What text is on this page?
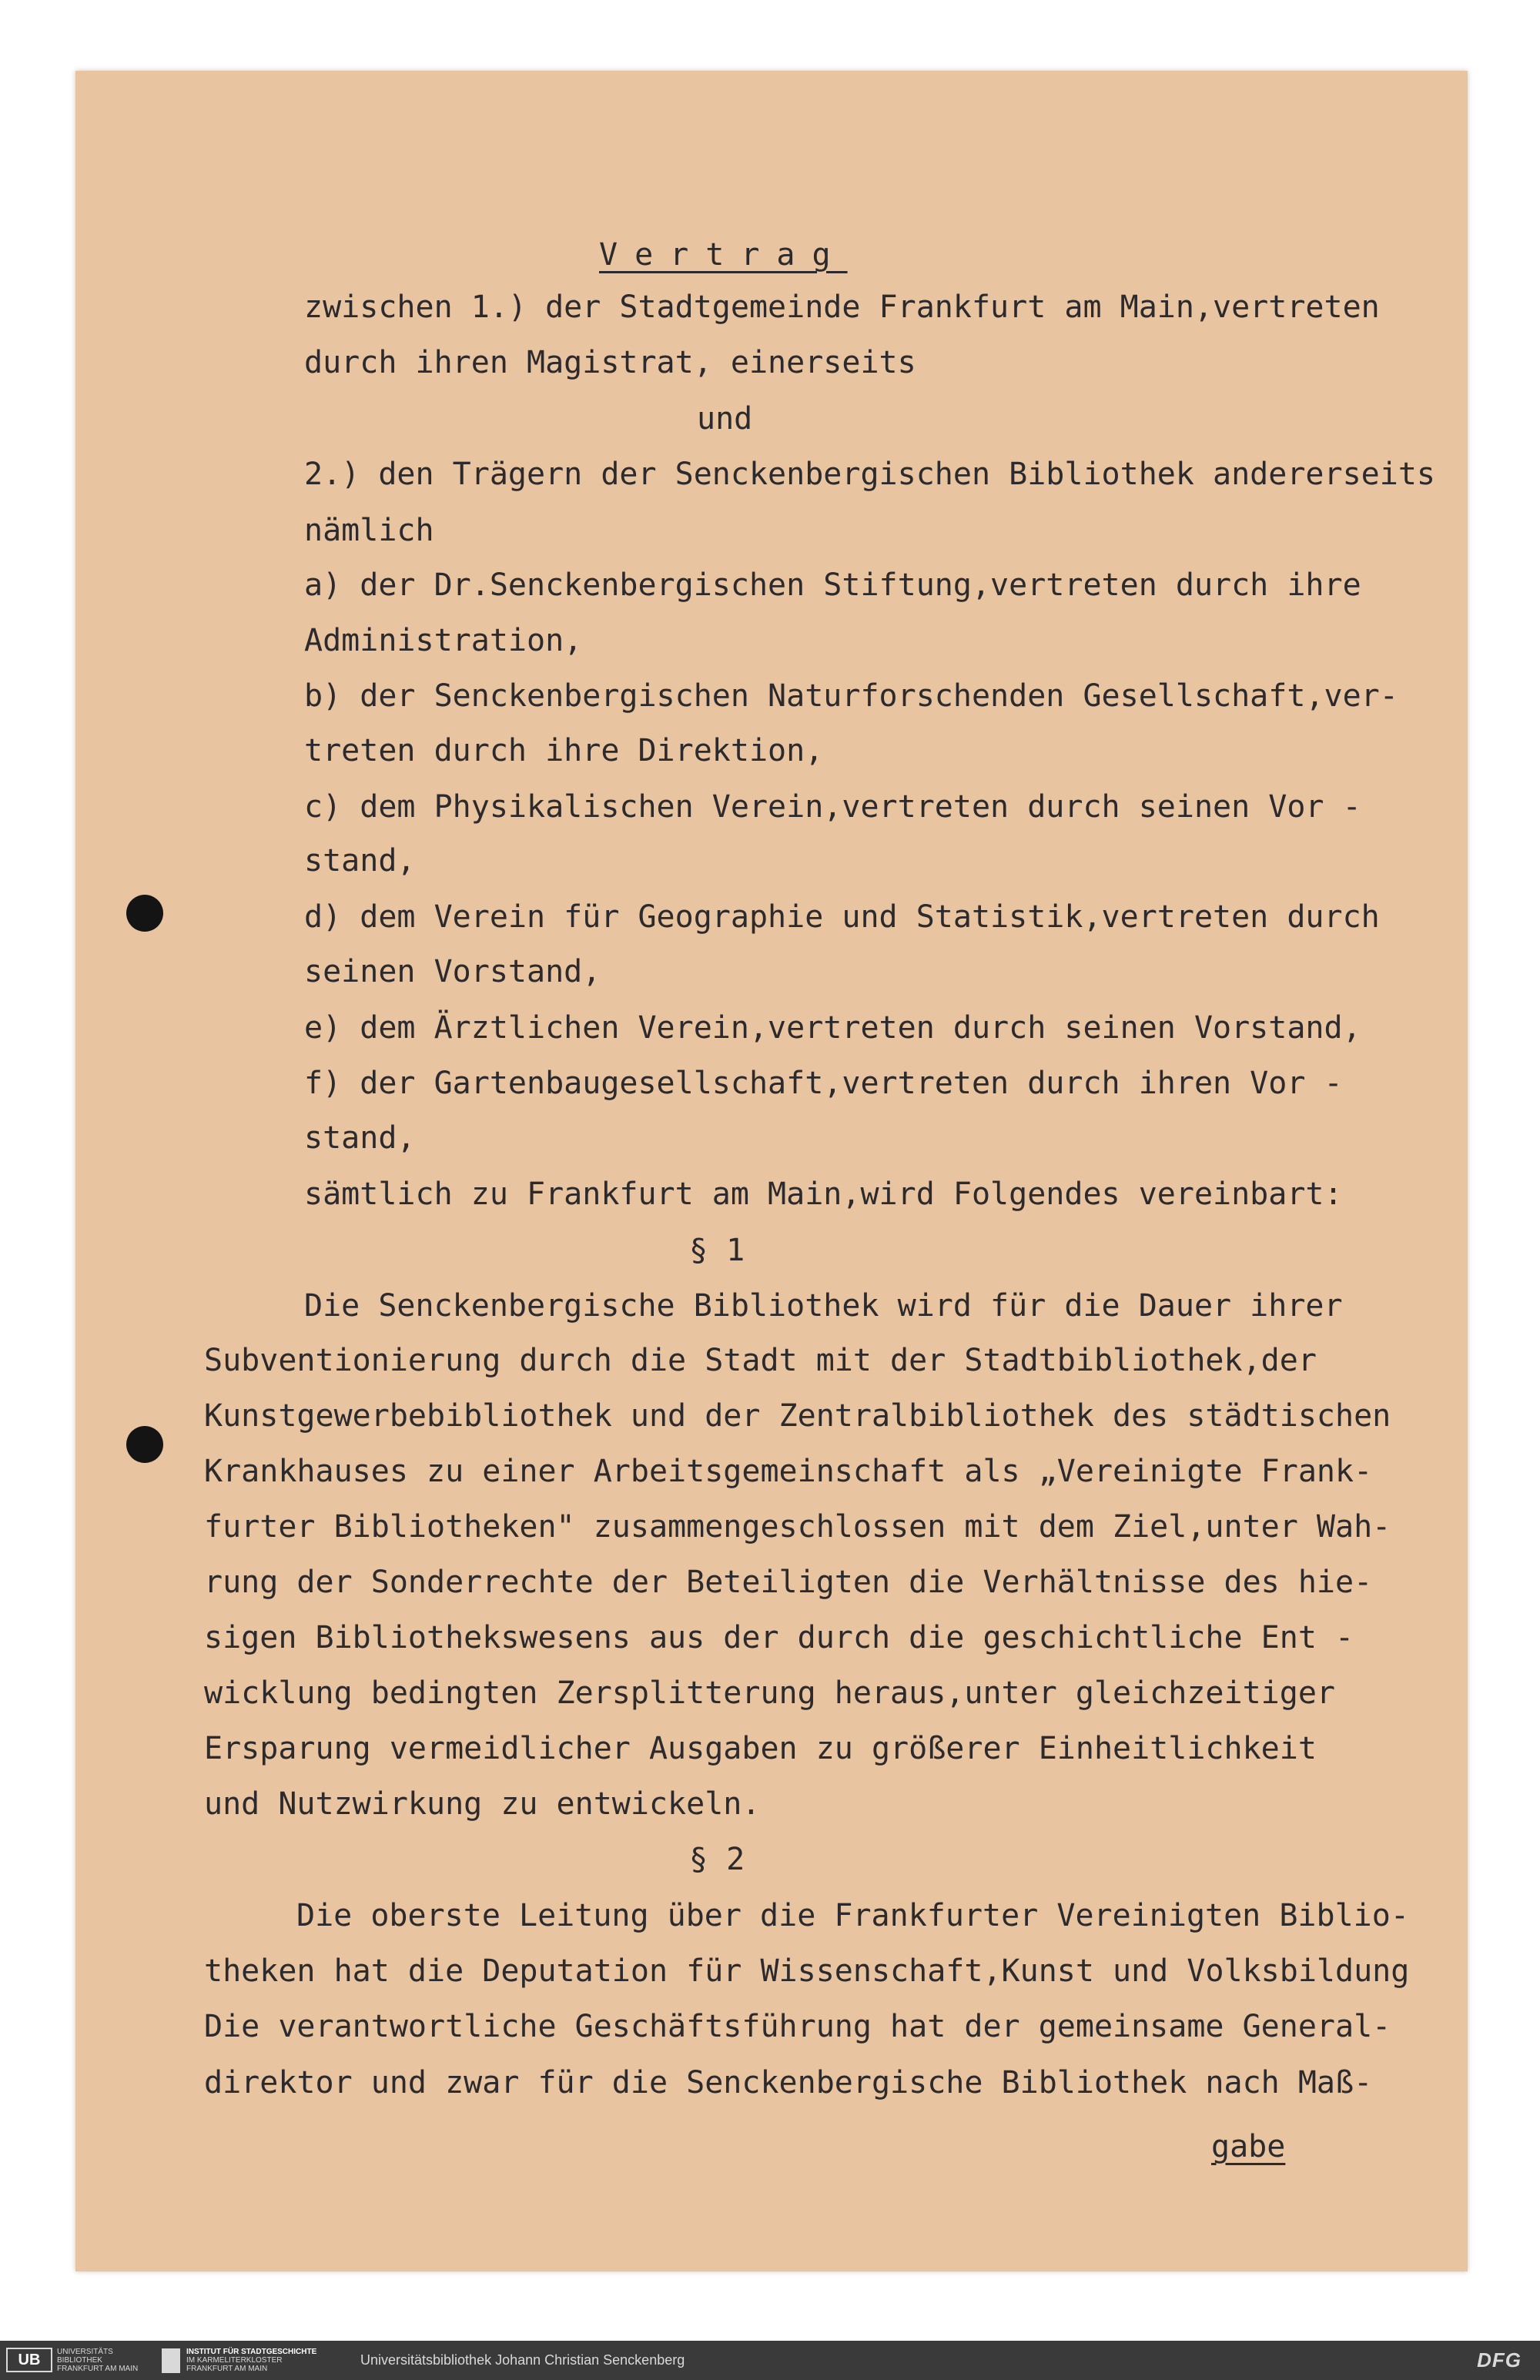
Vertrag
zwischen 1.) der Stadtgemeinde Frankfurt am Main,vertreten
durch ihren Magistrat, einerseits
und
2.) den Trägern der Senckenbergischen Bibliothek andererseits
nämlich
a) der Dr.Senckenbergischen Stiftung,vertreten durch ihre
Administration,
b) der Senckenbergischen Naturforschenden Gesellschaft,ver-
treten durch ihre Direktion,
c) dem Physikalischen Verein,vertreten durch seinen Vor -
stand,
d) dem Verein für Geographie und Statistik,vertreten durch
seinen Vorstand,
e) dem Ärztlichen Verein,vertreten durch seinen Vorstand,
f) der Gartenbaugesellschaft,vertreten durch ihren Vor -
stand,
sämtlich zu Frankfurt am Main,wird Folgendes vereinbart:
§ 1
Die Senckenbergische Bibliothek wird für die Dauer ihrer
Subventionierung durch die Stadt mit der Stadtbibliothek,der
Kunstgewerbebibliothek und der Zentralbibliothek des städtischen
Krankhauses zu einer Arbeitsgemeinschaft als „Vereinigte Frank-
furter Bibliotheken" zusammengeschlossen mit dem Ziel,unter Wah-
rung der Sonderrechte der Beteiligten die Verhältnisse des hie-
sigen Bibliothekswesens aus der durch die geschichtliche Ent -
wicklung bedingten Zersplitterung heraus,unter gleichzeitiger
Ersparung vermeidlicher Ausgaben zu größerer Einheitlichkeit
und Nutzwirkung zu entwickeln.
§ 2
Die oberste Leitung über die Frankfurter Vereinigten Biblio-
theken hat die Deputation für Wissenschaft,Kunst und Volksbildung
Die verantwortliche Geschäftsführung hat der gemeinsame General-
direktor und zwar für die Senckenbergische Bibliothek nach Maß-
gabe
UB	UNIVERSITÄTS
BIBLIOTHEK
FRANKFURT AM MAIN
INSTITUT FÜR STADTGESCHICHTE
IM KARMELITERKLOSTER
FRANKFURT AM MAIN
Universitätsbibliothek Johann Christian Senckenberg	DFG
